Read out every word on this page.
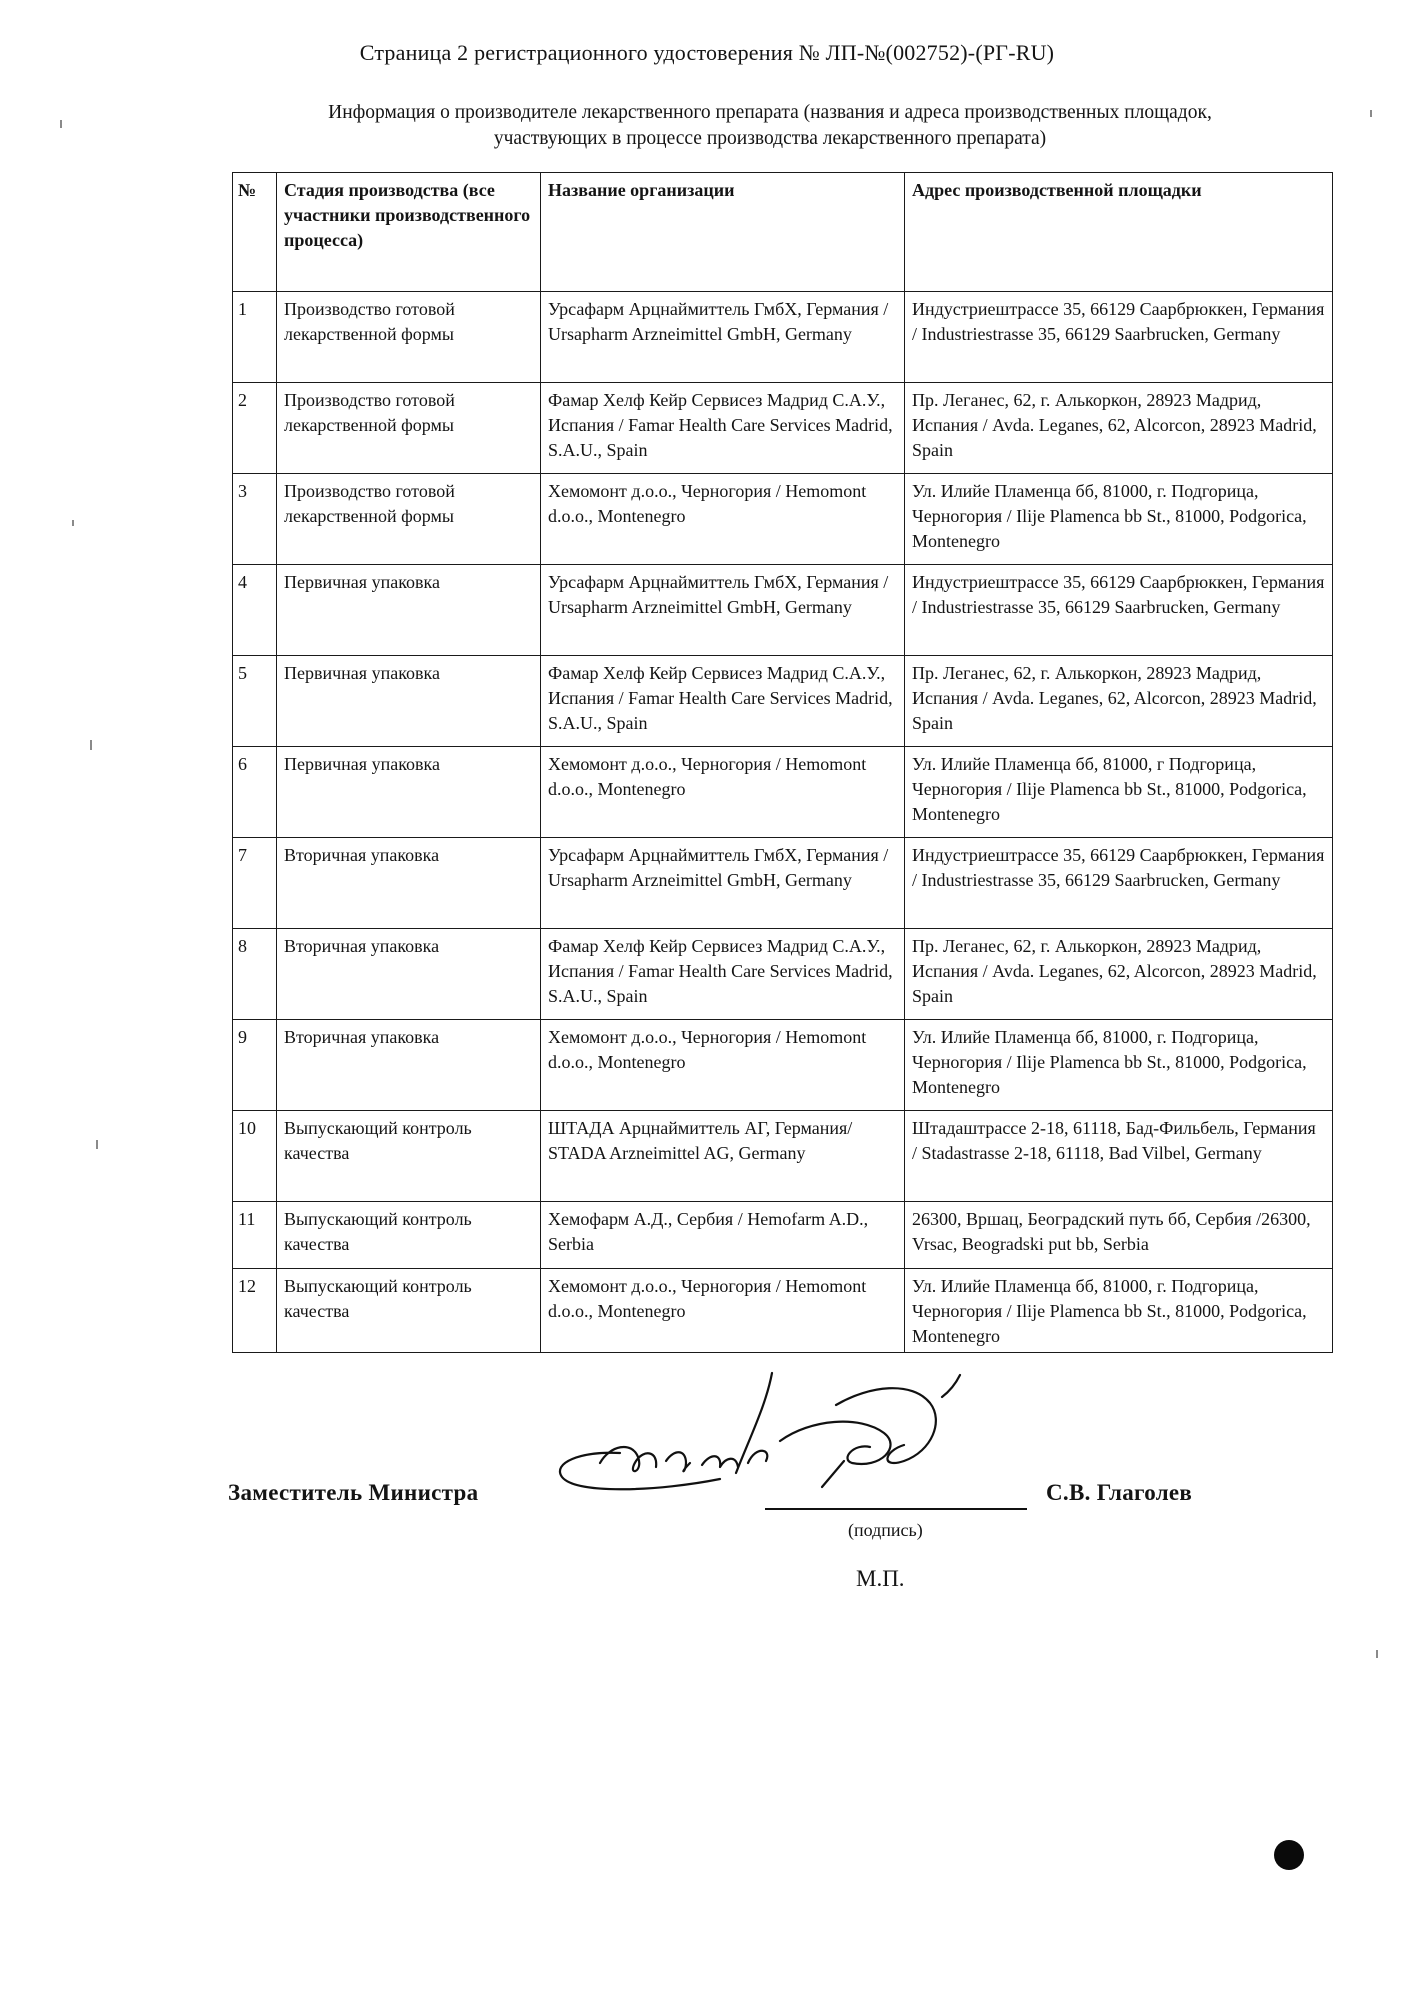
Страница 2 регистрационного удостоверения № ЛП-№(002752)-(РГ-RU)
Информация о производителе лекарственного препарата (названия и адреса производственных площадок,
участвующих в процессе производства лекарственного препарата)
№	Стадия производства (все участники производственного процесса)	Название организации	Адрес производственной площадки
1	Производство готовой лекарственной формы	Урсафарм Арцнаймиттель ГмбХ, Германия / Ursapharm Arzneimittel GmbH, Germany	Индустриештрассе 35, 66129 Саарбрюккен, Германия / Industriestrasse 35, 66129 Saarbrucken, Germany
2	Производство готовой лекарственной формы	Фамар Хелф Кейр Сервисез Мадрид С.А.У., Испания / Famar Health Care Services Madrid, S.A.U., Spain	Пр. Леганес, 62, г. Алькоркон, 28923 Мадрид, Испания / Avda. Leganes, 62, Alcorcon, 28923 Madrid, Spain
3	Производство готовой лекарственной формы	Хемомонт д.о.о., Черногория / Hemomont d.o.o., Montenegro	Ул. Илийе Пламенца бб, 81000, г. Подгорица, Черногория / Ilije Plamenca bb St., 81000, Podgorica, Montenegro
4	Первичная упаковка	Урсафарм Арцнаймиттель ГмбХ, Германия / Ursapharm Arzneimittel GmbH, Germany	Индустриештрассе 35, 66129 Саарбрюккен, Германия / Industriestrasse 35, 66129 Saarbrucken, Germany
5	Первичная упаковка	Фамар Хелф Кейр Сервисез Мадрид С.А.У., Испания / Famar Health Care Services Madrid, S.A.U., Spain	Пр. Леганес, 62, г. Алькоркон, 28923 Мадрид, Испания / Avda. Leganes, 62, Alcorcon, 28923 Madrid, Spain
6	Первичная упаковка	Хемомонт д.о.о., Черногория / Hemomont d.o.o., Montenegro	Ул. Илийе Пламенца бб, 81000, г Подгорица, Черногория / Ilije Plamenca bb St., 81000, Podgorica, Montenegro
7	Вторичная упаковка	Урсафарм Арцнаймиттель ГмбХ, Германия / Ursapharm Arzneimittel GmbH, Germany	Индустриештрассе 35, 66129 Саарбрюккен, Германия / Industriestrasse 35, 66129 Saarbrucken, Germany
8	Вторичная упаковка	Фамар Хелф Кейр Сервисез Мадрид С.А.У., Испания / Famar Health Care Services Madrid, S.A.U., Spain	Пр. Леганес, 62, г. Алькоркон, 28923 Мадрид, Испания / Avda. Leganes, 62, Alcorcon, 28923 Madrid, Spain
9	Вторичная упаковка	Хемомонт д.о.о., Черногория / Hemomont d.o.o., Montenegro	Ул. Илийе Пламенца бб, 81000, г. Подгорица, Черногория / Ilije Plamenca bb St., 81000, Podgorica, Montenegro
10	Выпускающий контроль качества	ШТАДА Арцнаймиттель АГ, Германия/ STADA Arzneimittel AG, Germany	Штадаштрассе 2-18, 61118, Бад-Фильбель, Германия / Stadastrasse 2-18, 61118, Bad Vilbel, Germany
11	Выпускающий контроль качества	Хемофарм А.Д., Сербия / Hemofarm A.D., Serbia	26300, Вршац, Београдский путь бб, Сербия /26300, Vrsac, Beogradski put bb, Serbia
12	Выпускающий контроль качества	Хемомонт д.о.о., Черногория / Hemomont d.o.o., Montenegro	Ул. Илийе Пламенца бб, 81000, г. Подгорица, Черногория / Ilije Plamenca bb St., 81000, Podgorica, Montenegro
Заместитель Министра
(подпись)
С.В. Глаголев
М.П.
